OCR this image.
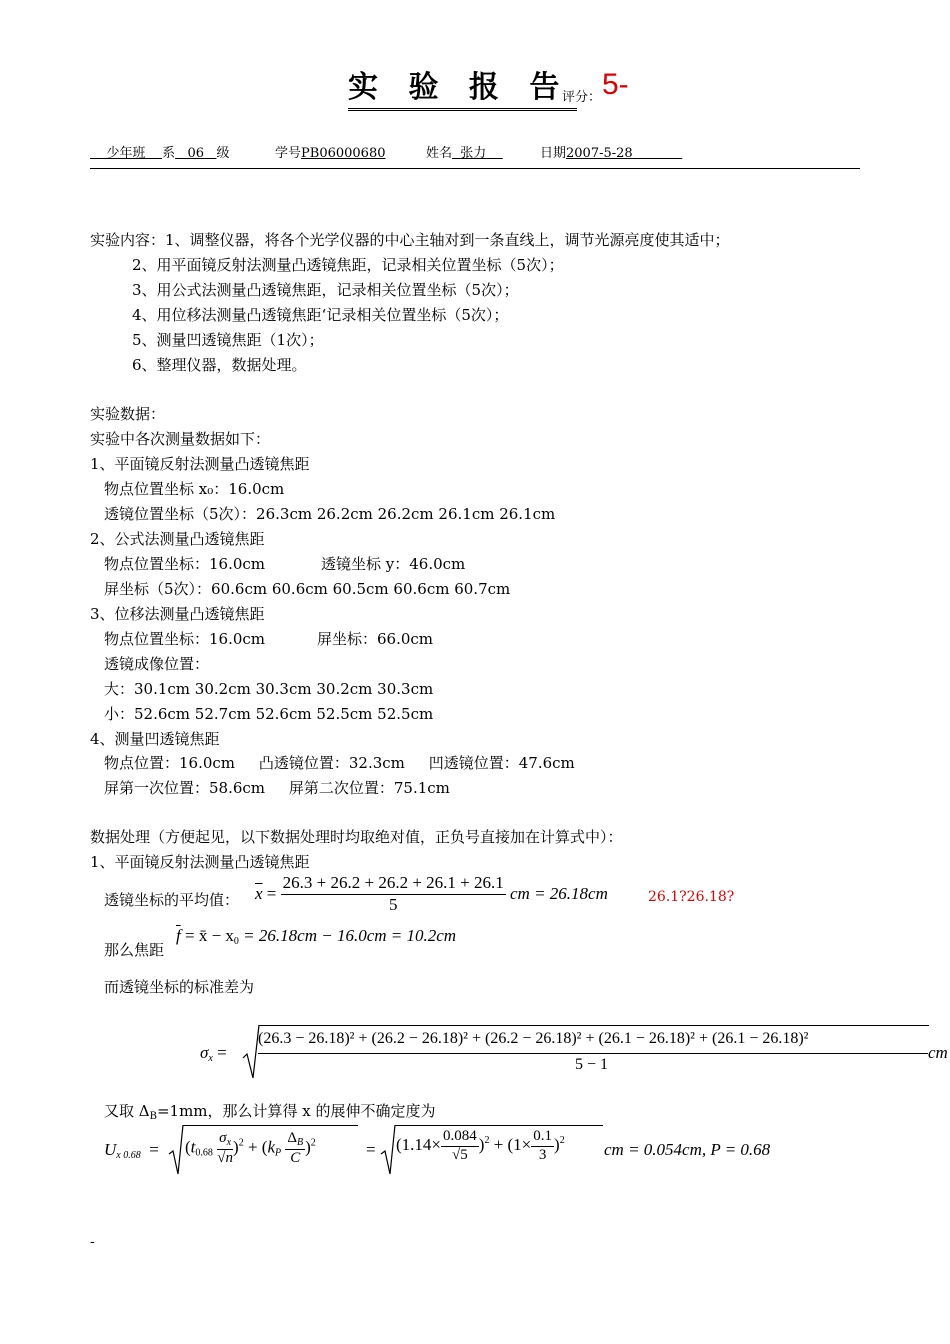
实 验 报 告
评分： 5-
少年班 系 06 级	学号PB06000680	姓名 张力	日期2007-5-28
实验内容：1、调整仪器，将各个光学仪器的中心主轴对到一条直线上，调节光源亮度使其适中；
2、用平面镜反射法测量凸透镜焦距，记录相关位置坐标（5次）；
3、用公式法测量凸透镜焦距，记录相关位置坐标（5次）；
4、用位移法测量凸透镜焦距‘记录相关位置坐标（5次）；
5、测量凹透镜焦距（1次）；
6、整理仪器，数据处理。
实验数据：
实验中各次测量数据如下：
1、平面镜反射法测量凸透镜焦距
物点位置坐标 x₀：16.0cm
透镜位置坐标（5次）：26.3cm 26.2cm 26.2cm 26.1cm 26.1cm
2、公式法测量凸透镜焦距
物点位置坐标：16.0cm	透镜坐标 y：46.0cm
屏坐标（5次）：60.6cm 60.6cm 60.5cm 60.6cm 60.7cm
3、位移法测量凸透镜焦距
物点位置坐标：16.0cm	屏坐标：66.0cm
透镜成像位置：
大：30.1cm 30.2cm 30.3cm 30.2cm 30.3cm
小：52.6cm 52.7cm 52.6cm 52.5cm 52.5cm
4、测量凹透镜焦距
物点位置：16.0cm     凸透镜位置：32.3cm     凹透镜位置：47.6cm
屏第一次位置：58.6cm     屏第二次位置：75.1cm
数据处理（方便起见，以下数据处理时均取绝对值，正负号直接加在计算式中）：
1、平面镜反射法测量凸透镜焦距
透镜坐标的平均值： $\overline{x} = \frac{26.3 + 26.2 + 26.2 + 26.1 + 26.1}{5}$ cm = 26.18cm	26.1?26.18?
那么焦距
$\overline{f}$ = x̄ − $x_0 = 26.18cm - 16.0cm = 10.2cm$
而透镜坐标的标准差为
$\sigma_x$ =
(26.3 − 26.18)² + (26.2 − 26.18)² + (26.2 − 26.18)² + (26.1 − 26.18)² + (26.1 − 26.18)²
5 − 1
cm
又取 $\Delta_B=1mm$，那么计算得 x 的展伸不确定度为
$U_{x 0.68} = (t_{0.68} \frac{\sigma_x}{√n} )^2 + (k_P \frac{\Delta_B}{C} )^2$	= $(1.14\times \frac{0.084}{√5} )^2 + (1\times \frac{0.1}{3} )^2$ cm = 0.054cm, P = 0.68
-
